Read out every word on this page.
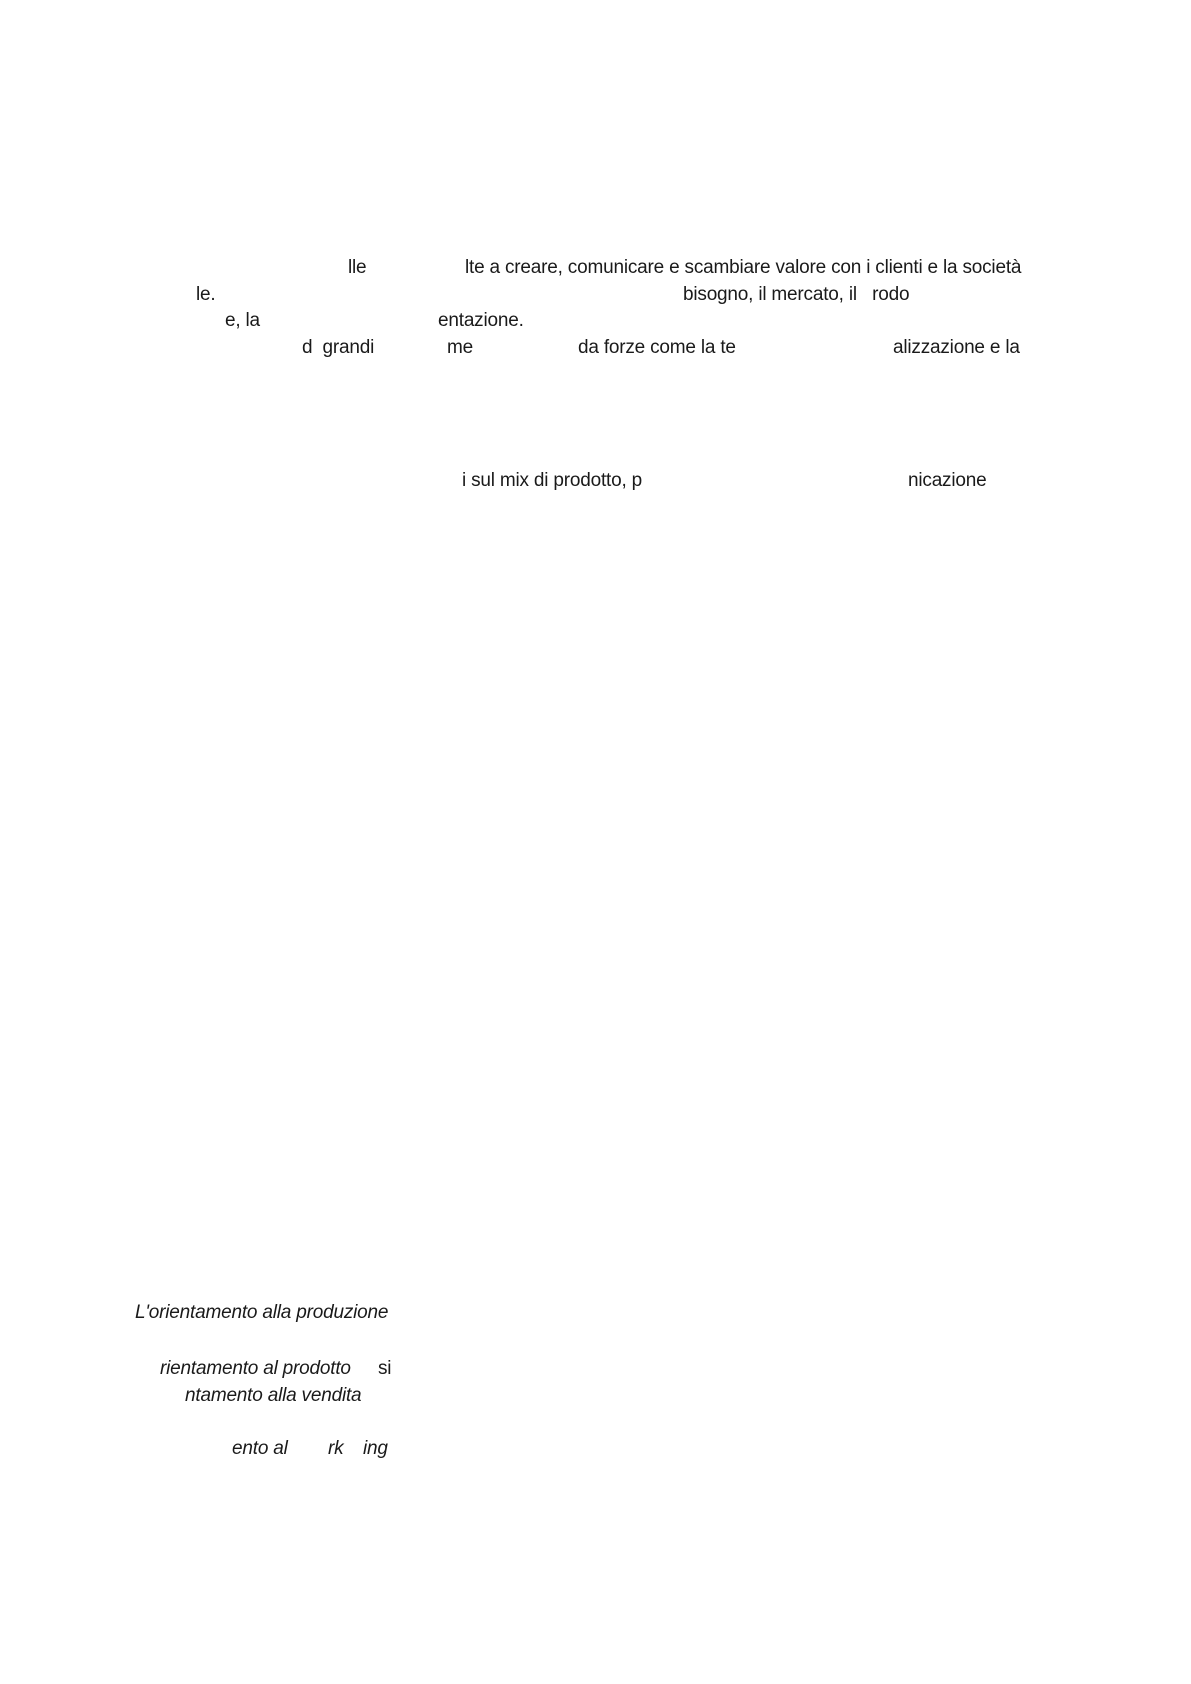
lle	lte a creare, comunicare e scambiare valore con i clienti e la società
le.	bisogno, il mercato, il   rodo
e, la	entazione.
d  grandi	me	da forze come la te	alizzazione e la
i sul mix di prodotto, p	nicazione
L'orientamento alla produzione
rientamento al prodotto si
ntamento alla vendita
ento al rk ing
